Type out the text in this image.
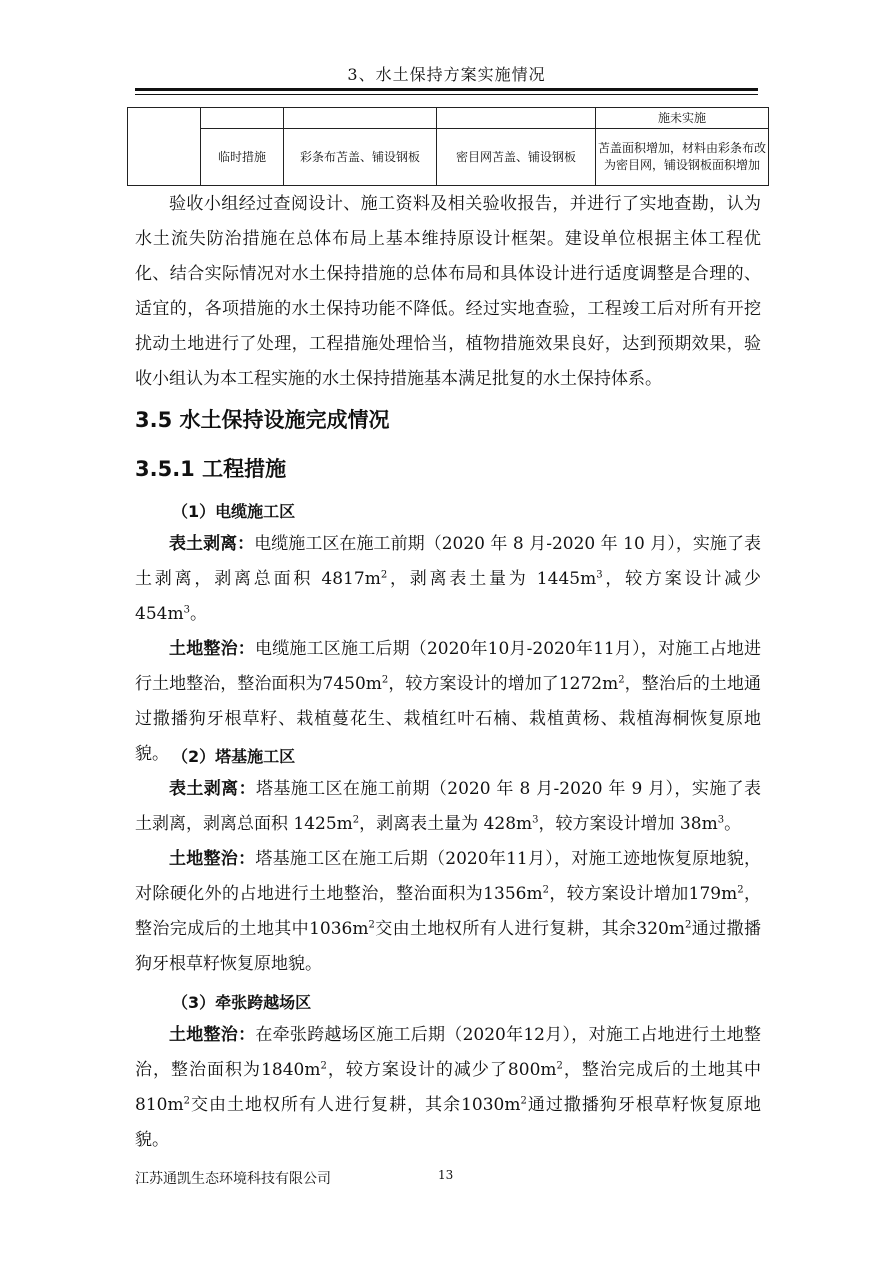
3、水土保持方案实施情况
				施未实施
	临时措施	彩条布苫盖、铺设钢板	密目网苫盖、铺设钢板	苫盖面积增加，材料由彩条布改为密目网，铺设钢板面积增加

验收小组经过查阅设计、施工资料及相关验收报告，并进行了实地查勘，认为水土流失防治措施在总体布局上基本维持原设计框架。建设单位根据主体工程优化、结合实际情况对水土保持措施的总体布局和具体设计进行适度调整是合理的、适宜的，各项措施的水土保持功能不降低。经过实地查验，工程竣工后对所有开挖扰动土地进行了处理，工程措施处理恰当，植物措施效果良好，达到预期效果，验收小组认为本工程实施的水土保持措施基本满足批复的水土保持体系。

3.5 水土保持设施完成情况
3.5.1 工程措施
（1）电缆施工区

表土剥离：电缆施工区在施工前期（2020 年 8 月-2020 年 10 月），实施了表土剥离，剥离总面积 $4817m^2$，剥离表土量为 $1445m^3$，较方案设计减少 $454m^3$。

土地整治：电缆施工区施工后期（2020年10月-2020年11月），对施工占地进行土地整治，整治面积为$7450m^2$，较方案设计的增加了$1272m^2$，整治后的土地通过撒播狗牙根草籽、栽植蔓花生、栽植红叶石楠、栽植黄杨、栽植海桐恢复原地貌。 （2）塔基施工区

表土剥离：塔基施工区在施工前期（2020 年 8 月-2020 年 9 月），实施了表土剥离，剥离总面积 $1425m^2$，剥离表土量为 $428m^3$，较方案设计增加 $38m^3$。

土地整治：塔基施工区在施工后期（2020年11月），对施工迹地恢复原地貌，对除硬化外的占地进行土地整治，整治面积为$1356m^2$，较方案设计增加$179m^2$，整治完成后的土地其中$1036m^2$交由土地权所有人进行复耕，其余$320m^2$通过撒播狗牙根草籽恢复原地貌。

（3）牵张跨越场区

土地整治：在牵张跨越场区施工后期（2020年12月），对施工占地进行土地整治，整治面积为$1840m^2$，较方案设计的减少了$800m^2$，整治完成后的土地其中$810m^2$交由土地权所有人进行复耕，其余$1030m^2$通过撒播狗牙根草籽恢复原地貌。

江苏通凯生态环境科技有限公司	13
